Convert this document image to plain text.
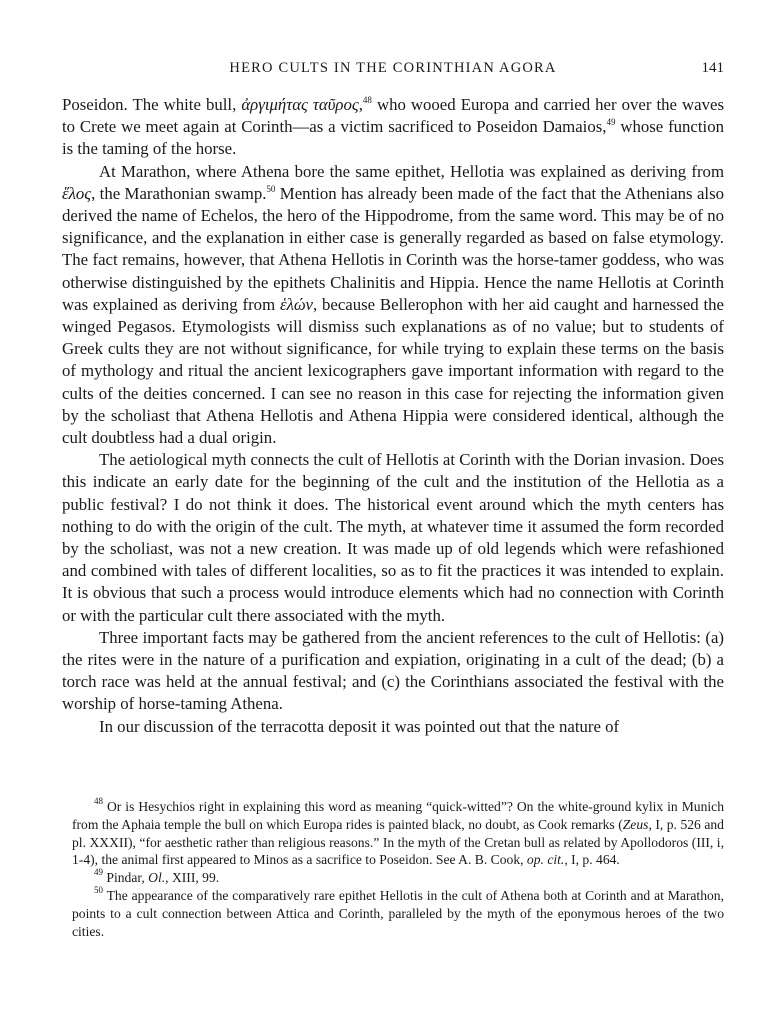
HERO CULTS IN THE CORINTHIAN AGORA	141

Poseidon. The white bull, ἀργιμήτας ταῦρος,$^{48}$ who wooed Europa and carried her over the waves to Crete we meet again at Corinth—as a victim sacrificed to Poseidon Damaios,$^{49}$ whose function is the taming of the horse.

At Marathon, where Athena bore the same epithet, Hellotia was explained as deriving from ἕλος, the Marathonian swamp.$^{50}$ Mention has already been made of the fact that the Athenians also derived the name of Echelos, the hero of the Hippodrome, from the same word. This may be of no significance, and the explanation in either case is generally regarded as based on false etymology. The fact remains, however, that Athena Hellotis in Corinth was the horse-tamer goddess, who was otherwise distinguished by the epithets Chalinitis and Hippia. Hence the name Hellotis at Corinth was explained as deriving from ἑλών, because Bellerophon with her aid caught and harnessed the winged Pegasos. Etymologists will dismiss such explanations as of no value; but to students of Greek cults they are not without significance, for while trying to explain these terms on the basis of mythology and ritual the ancient lexicographers gave important information with regard to the cults of the deities concerned. I can see no reason in this case for rejecting the information given by the scholiast that Athena Hellotis and Athena Hippia were considered identical, although the cult doubtless had a dual origin.

The aetiological myth connects the cult of Hellotis at Corinth with the Dorian invasion. Does this indicate an early date for the beginning of the cult and the institution of the Hellotia as a public festival? I do not think it does. The historical event around which the myth centers has nothing to do with the origin of the cult. The myth, at whatever time it assumed the form recorded by the scholiast, was not a new creation. It was made up of old legends which were refashioned and combined with tales of different localities, so as to fit the practices it was intended to explain. It is obvious that such a process would introduce elements which had no connection with Corinth or with the particular cult there associated with the myth.

Three important facts may be gathered from the ancient references to the cult of Hellotis: (a) the rites were in the nature of a purification and expiation, originating in a cult of the dead; (b) a torch race was held at the annual festival; and (c) the Corinthians associated the festival with the worship of horse-taming Athena.

In our discussion of the terracotta deposit it was pointed out that the nature of

$^{48}$ Or is Hesychios right in explaining this word as meaning “quick-witted”? On the white-ground kylix in Munich from the Aphaia temple the bull on which Europa rides is painted black, no doubt, as Cook remarks (Zeus, I, p. 526 and pl. XXXII), “for aesthetic rather than religious reasons.” In the myth of the Cretan bull as related by Apollodoros (III, i, 1-4), the animal first appeared to Minos as a sacrifice to Poseidon. See A. B. Cook, op. cit., I, p. 464.

$^{49}$ Pindar, Ol., XIII, 99.

$^{50}$ The appearance of the comparatively rare epithet Hellotis in the cult of Athena both at Corinth and at Marathon, points to a cult connection between Attica and Corinth, paralleled by the myth of the eponymous heroes of the two cities.
